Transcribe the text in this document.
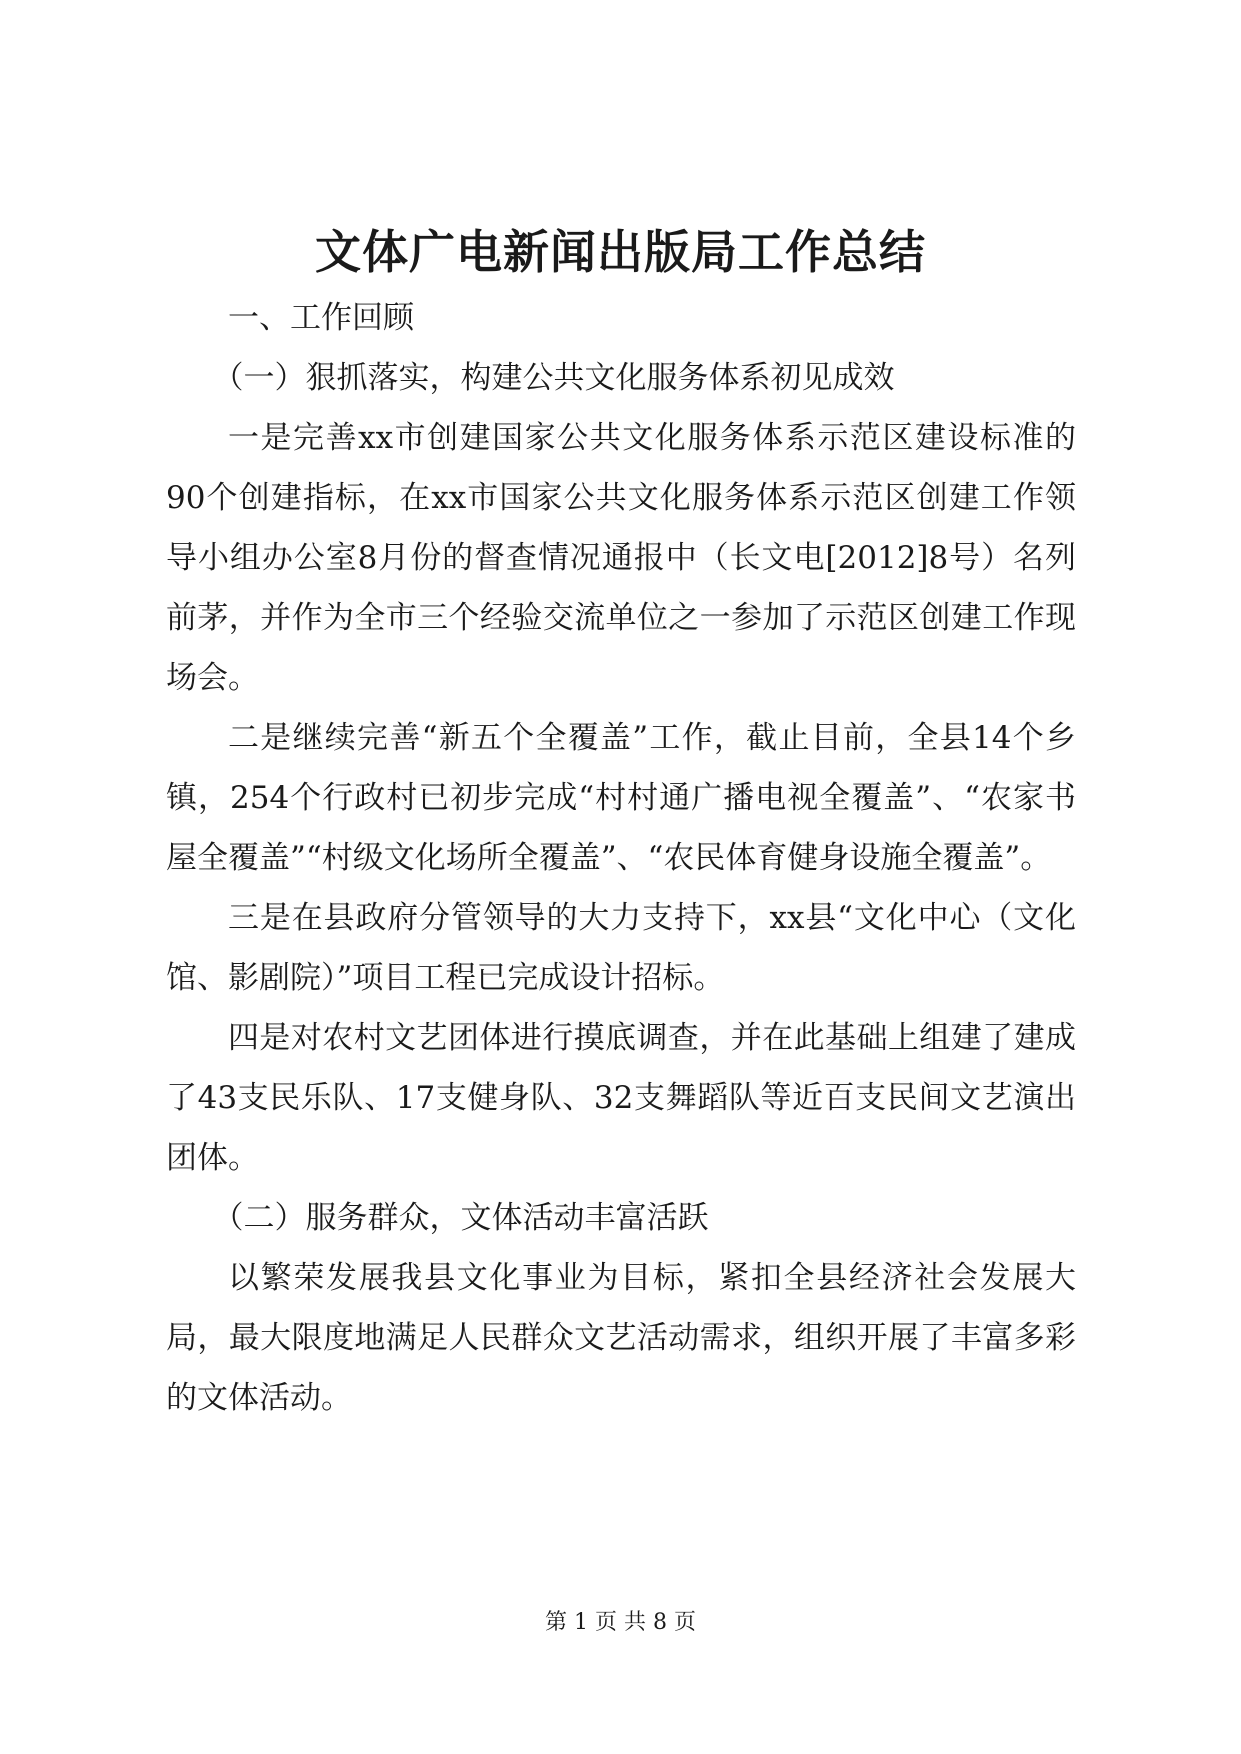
文体广电新闻出版局工作总结

一、工作回顾

（一）狠抓落实，构建公共文化服务体系初见成效

一是完善xx市创建国家公共文化服务体系示范区建设标准的90个创建指标，在xx市国家公共文化服务体系示范区创建工作领导小组办公室8月份的督查情况通报中（长文电[2012]8号）名列前茅，并作为全市三个经验交流单位之一参加了示范区创建工作现场会。

二是继续完善“新五个全覆盖”工作，截止目前，全县14个乡镇，254个行政村已初步完成“村村通广播电视全覆盖”、“农家书屋全覆盖”“村级文化场所全覆盖”、“农民体育健身设施全覆盖”。

三是在县政府分管领导的大力支持下，xx县“文化中心（文化馆、影剧院）”项目工程已完成设计招标。

四是对农村文艺团体进行摸底调查，并在此基础上组建了建成了43支民乐队、17支健身队、32支舞蹈队等近百支民间文艺演出团体。

（二）服务群众，文体活动丰富活跃

以繁荣发展我县文化事业为目标，紧扣全县经济社会发展大局，最大限度地满足人民群众文艺活动需求，组织开展了丰富多彩的文体活动。

第 1 页 共 8 页
